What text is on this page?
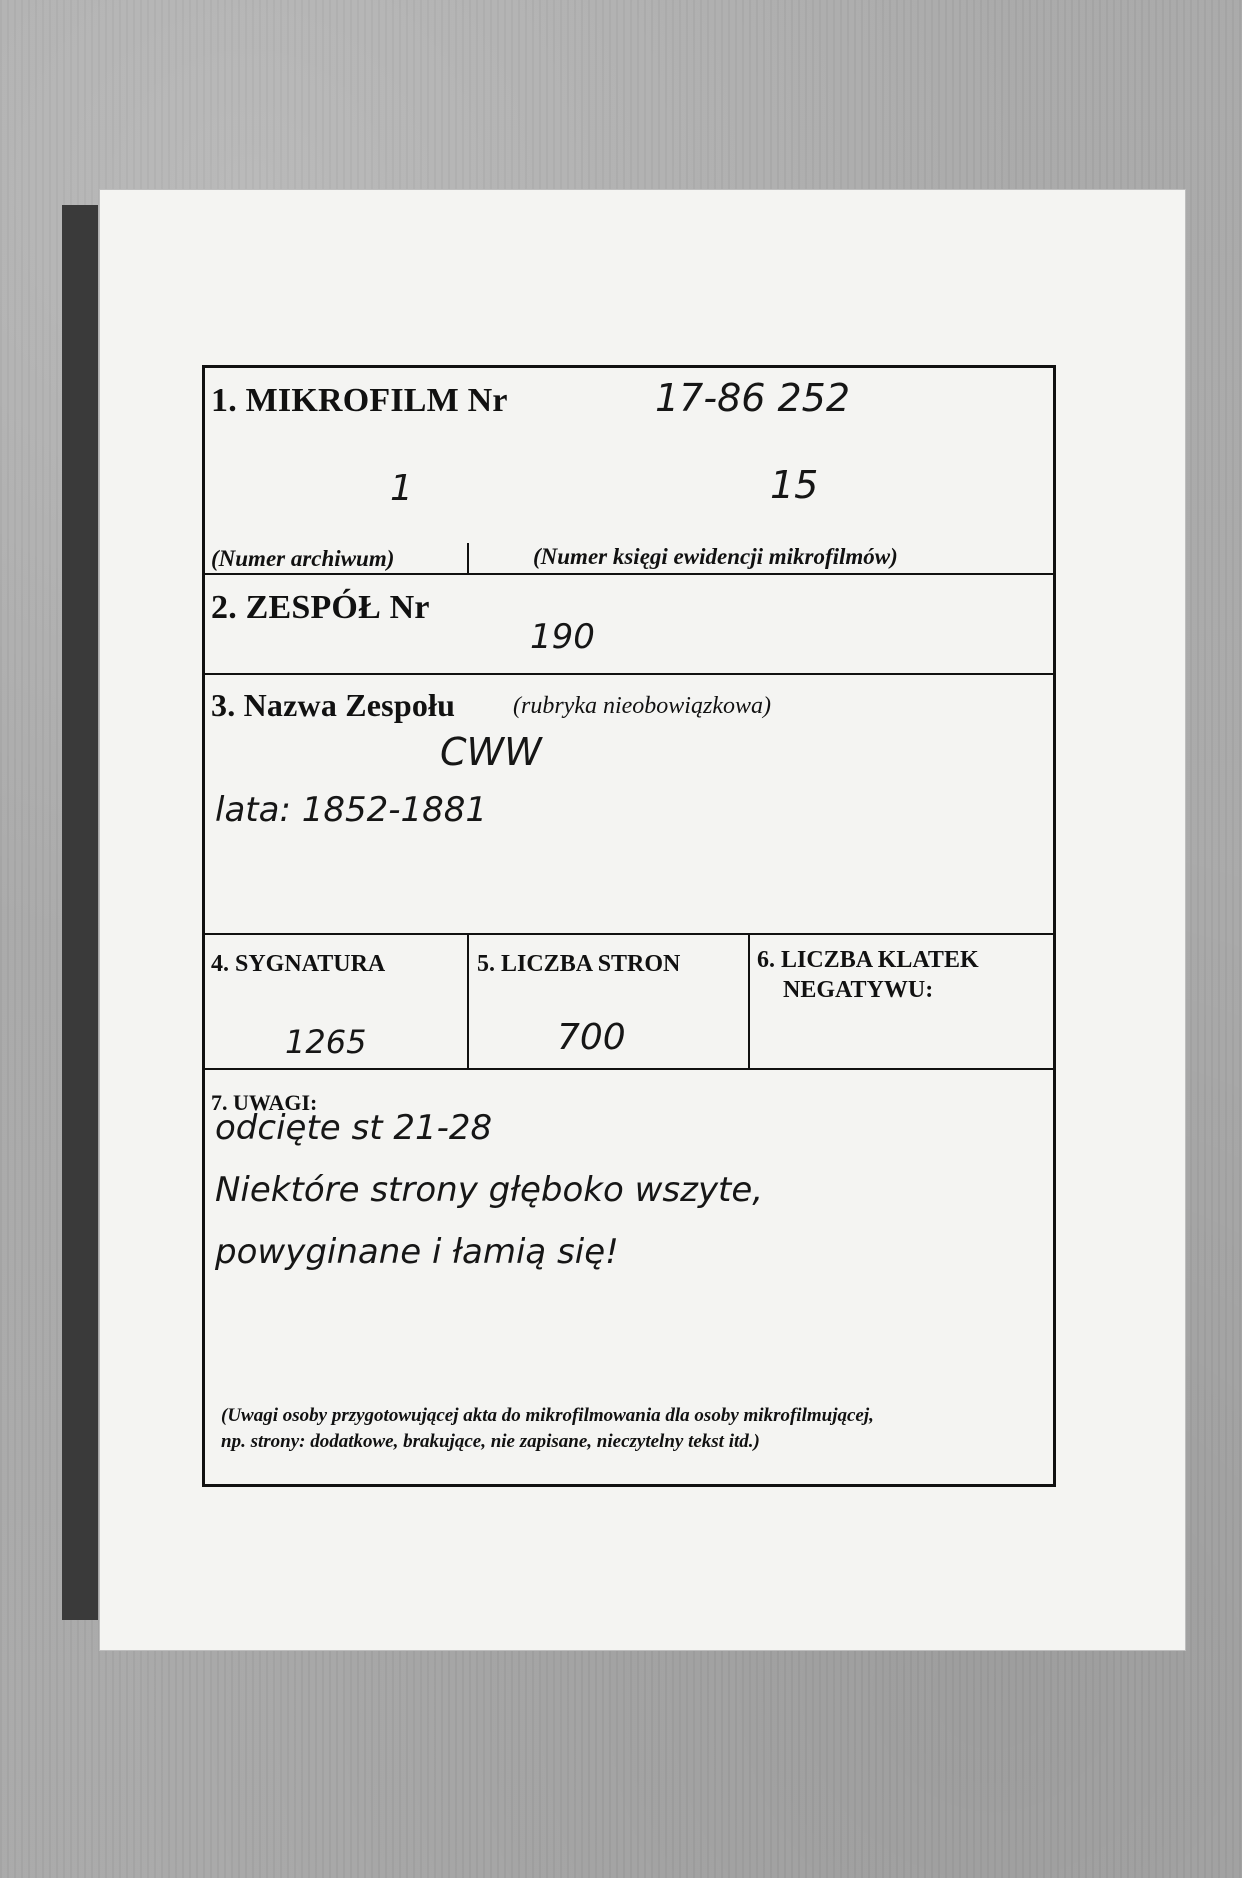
1. MIKROFILM Nr	17-86 252
1	15
(Numer archiwum)	(Numer księgi ewidencji mikrofilmów)
2. ZESPÓŁ Nr
190
3. Nazwa Zespołu (rubryka nieobowiązkowa)
CWW
lata: 1852-1881
4. SYGNATURA
1265
5. LICZBA STRON
700
6. LICZBA KLATEK
NEGATYWU:
7. UWAGI:
odcięte st 21-28
Niektóre strony głęboko wszyte,
powyginane i łamią się!
(Uwagi osoby przygotowującej akta do mikrofilmowania dla osoby mikrofilmującej,
np. strony: dodatkowe, brakujące, nie zapisane, nieczytelny tekst itd.)
